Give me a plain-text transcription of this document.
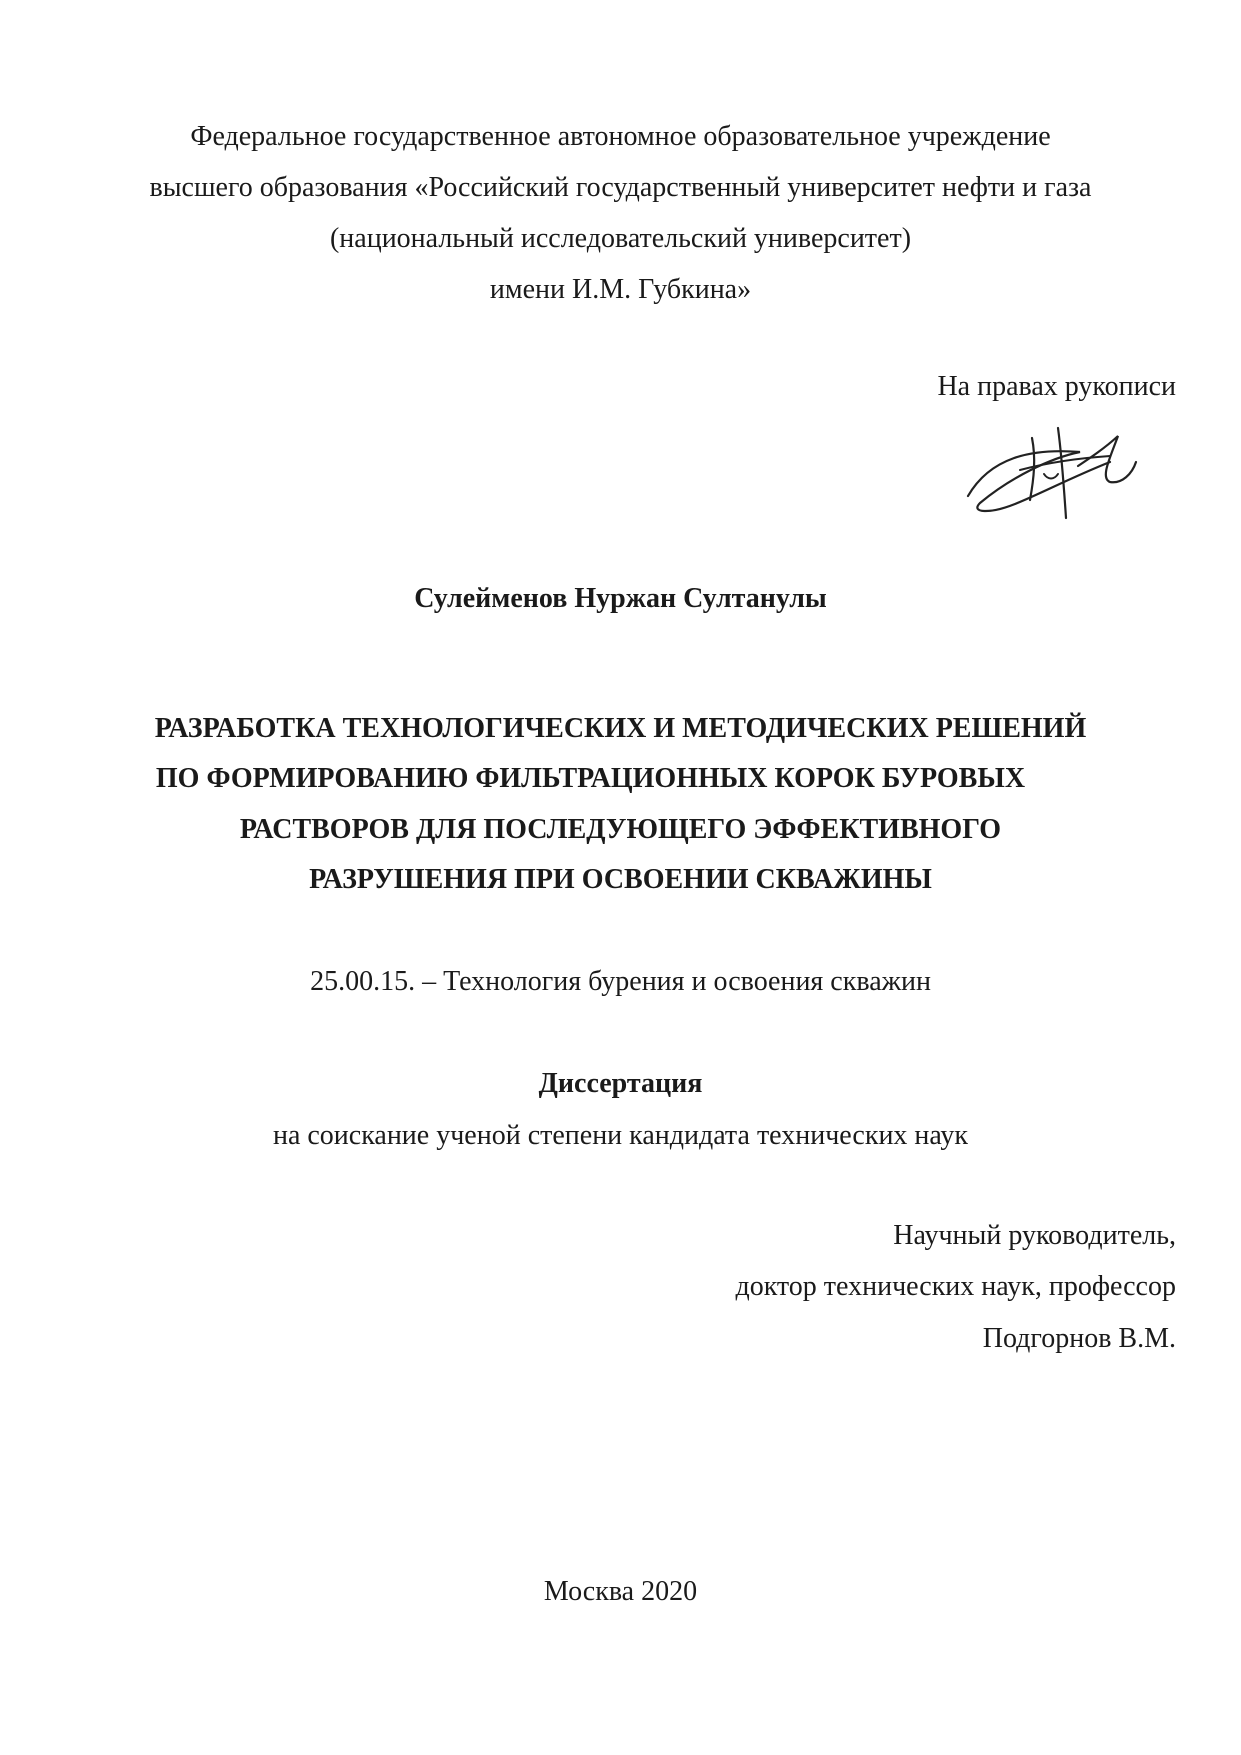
Федеральное государственное автономное образовательное учреждение
высшего образования «Российский государственный университет нефти и газа
(национальный исследовательский университет)
имени И.М. Губкина»
На правах рукописи
Сулейменов Нуржан Султанулы
РАЗРАБОТКА ТЕХНОЛОГИЧЕСКИХ И МЕТОДИЧЕСКИХ РЕШЕНИЙ
ПО ФОРМИРОВАНИЮ ФИЛЬТРАЦИОННЫХ КОРОК БУРОВЫХ
РАСТВОРОВ ДЛЯ ПОСЛЕДУЮЩЕГО ЭФФЕКТИВНОГО
РАЗРУШЕНИЯ ПРИ ОСВОЕНИИ СКВАЖИНЫ
25.00.15. – Технология бурения и освоения скважин
Диссертация
на соискание ученой степени кандидата технических наук
Научный руководитель,
доктор технических наук, профессор
Подгорнов В.М.
Москва 2020
